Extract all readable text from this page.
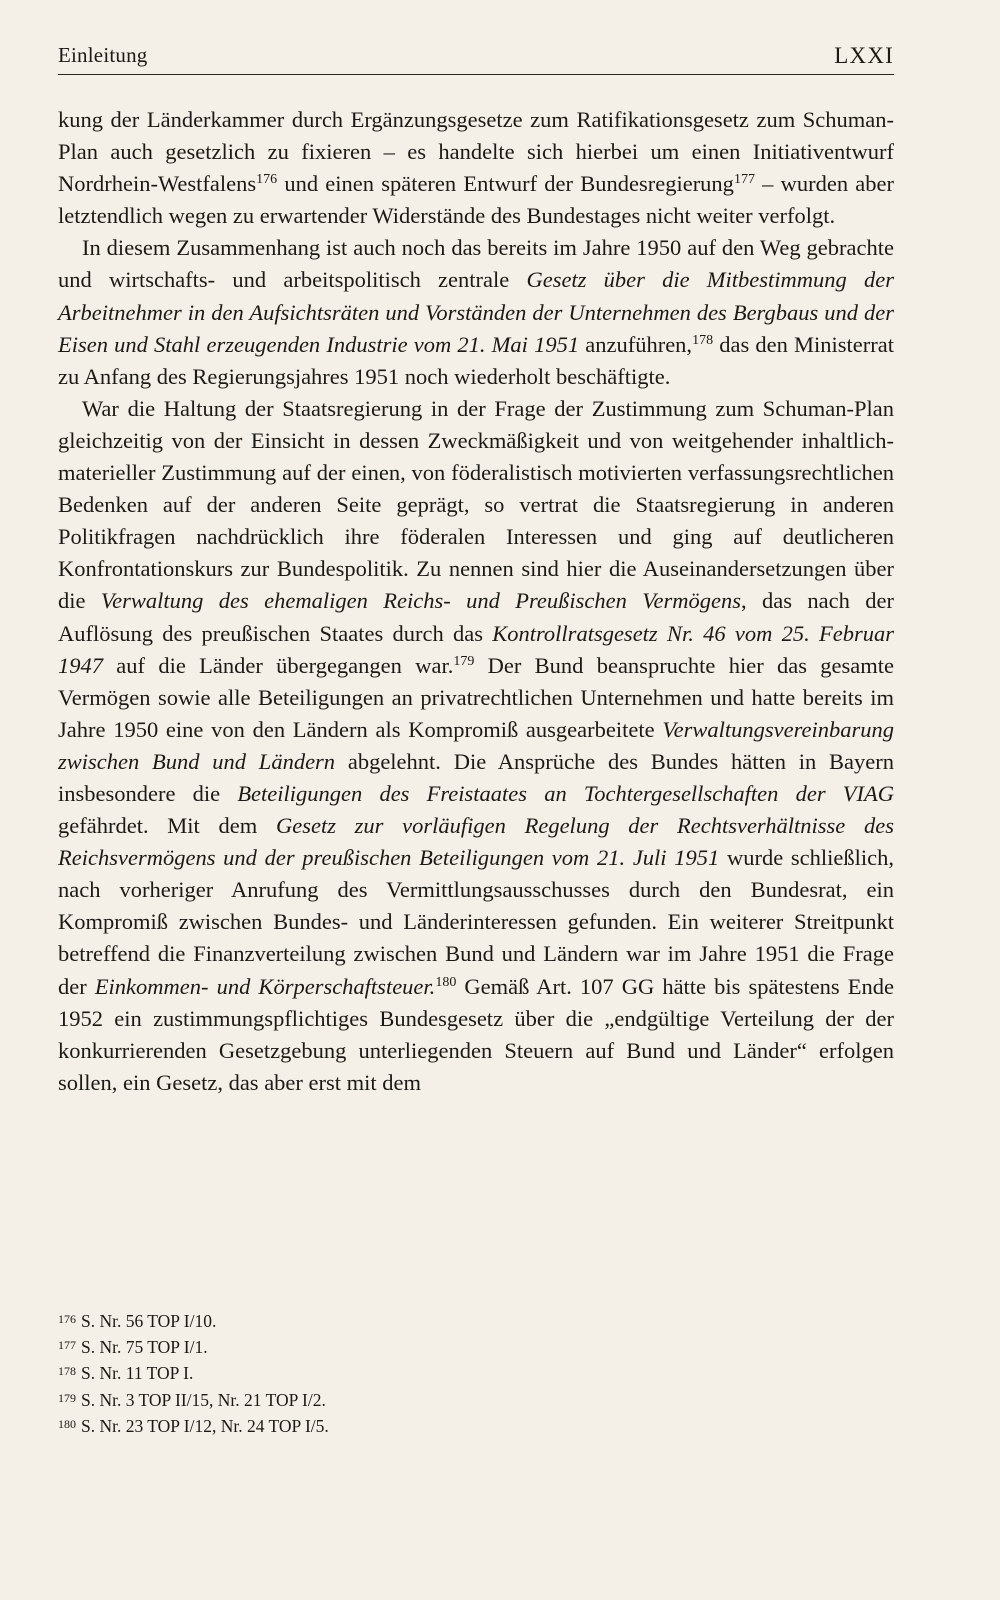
Einleitung	LXXI

kung der Länderkammer durch Ergänzungsgesetze zum Ratifikationsgesetz zum Schuman-Plan auch gesetzlich zu fixieren – es handelte sich hierbei um einen Initiativentwurf Nordrhein-Westfalens$^{176}$ und einen späteren Entwurf der Bundesregierung$^{177}$ – wurden aber letztendlich wegen zu erwartender Widerstände des Bundestages nicht weiter verfolgt.

In diesem Zusammenhang ist auch noch das bereits im Jahre 1950 auf den Weg gebrachte und wirtschafts- und arbeitspolitisch zentrale Gesetz über die Mitbestimmung der Arbeitnehmer in den Aufsichtsräten und Vorständen der Unternehmen des Bergbaus und der Eisen und Stahl erzeugenden Industrie vom 21. Mai 1951 anzuführen,$^{178}$ das den Ministerrat zu Anfang des Regierungsjahres 1951 noch wiederholt beschäftigte.

War die Haltung der Staatsregierung in der Frage der Zustimmung zum Schuman-Plan gleichzeitig von der Einsicht in dessen Zweckmäßigkeit und von weitgehender inhaltlich-materieller Zustimmung auf der einen, von föderalistisch motivierten verfassungsrechtlichen Bedenken auf der anderen Seite geprägt, so vertrat die Staatsregierung in anderen Politikfragen nachdrücklich ihre föderalen Interessen und ging auf deutlicheren Konfrontationskurs zur Bundespolitik. Zu nennen sind hier die Auseinandersetzungen über die Verwaltung des ehemaligen Reichs- und Preußischen Vermögens, das nach der Auflösung des preußischen Staates durch das Kontrollratsgesetz Nr. 46 vom 25. Februar 1947 auf die Länder übergegangen war.$^{179}$ Der Bund beanspruchte hier das gesamte Vermögen sowie alle Beteiligungen an privatrechtlichen Unternehmen und hatte bereits im Jahre 1950 eine von den Ländern als Kompromiß ausgearbeitete Verwaltungsvereinbarung zwischen Bund und Ländern abgelehnt. Die Ansprüche des Bundes hätten in Bayern insbesondere die Beteiligungen des Freistaates an Tochtergesellschaften der VIAG gefährdet. Mit dem Gesetz zur vorläufigen Regelung der Rechtsverhältnisse des Reichsvermögens und der preußischen Beteiligungen vom 21. Juli 1951 wurde schließlich, nach vorheriger Anrufung des Vermittlungsausschusses durch den Bundesrat, ein Kompromiß zwischen Bundes- und Länderinteressen gefunden. Ein weiterer Streitpunkt betreffend die Finanzverteilung zwischen Bund und Ländern war im Jahre 1951 die Frage der Einkommen- und Körperschaftsteuer.$^{180}$ Gemäß Art. 107 GG hätte bis spätestens Ende 1952 ein zustimmungspflichtiges Bundesgesetz über die „endgültige Verteilung der der konkurrierenden Gesetzgebung unterliegenden Steuern auf Bund und Länder“ erfolgen sollen, ein Gesetz, das aber erst mit dem

$^{176}$ S. Nr. 56 TOP I/10.
$^{177}$ S. Nr. 75 TOP I/1.
$^{178}$ S. Nr. 11 TOP I.
$^{179}$ S. Nr. 3 TOP II/15, Nr. 21 TOP I/2.
$^{180}$ S. Nr. 23 TOP I/12, Nr. 24 TOP I/5.
